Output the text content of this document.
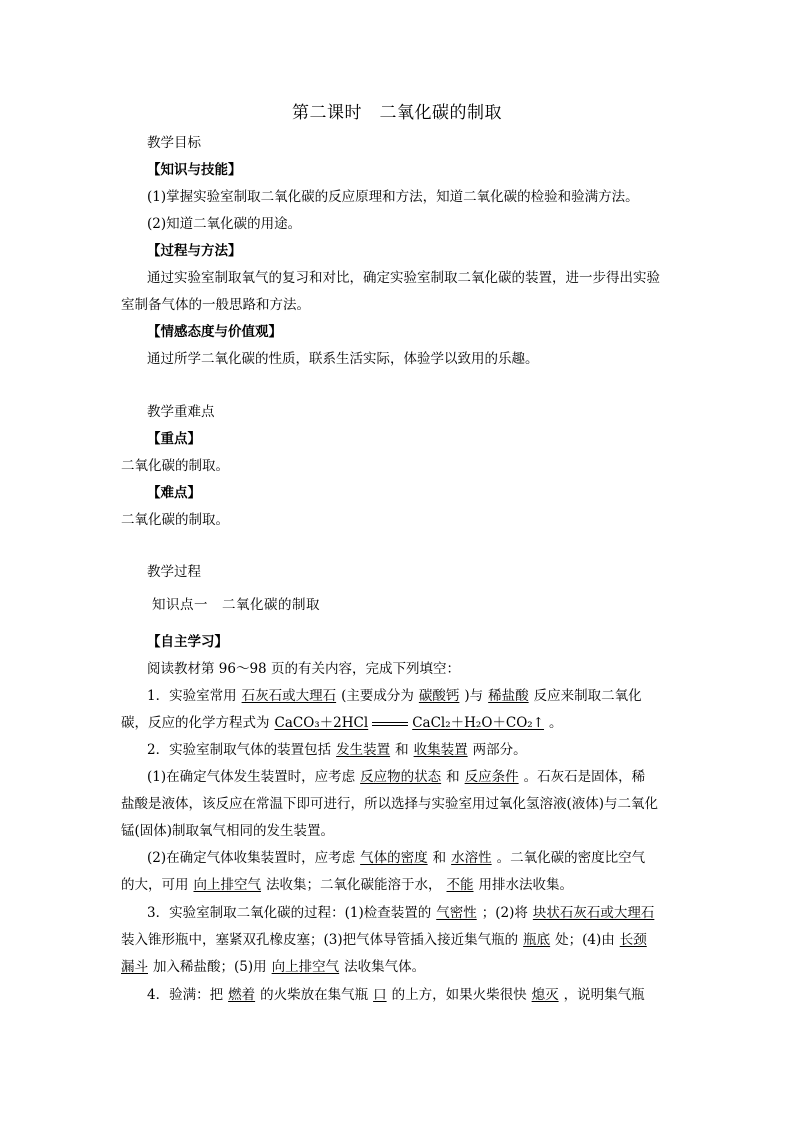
第二课时　二氧化碳的制取
教学目标
【知识与技能】
(1)掌握实验室制取二氧化碳的反应原理和方法，知道二氧化碳的检验和验满方法。
(2)知道二氧化碳的用途。
【过程与方法】
通过实验室制取氧气的复习和对比，确定实验室制取二氧化碳的装置，进一步得出实验
室制备气体的一般思路和方法。
【情感态度与价值观】
通过所学二氧化碳的性质，联系生活实际，体验学以致用的乐趣。
教学重难点
【重点】
二氧化碳的制取。
【难点】
二氧化碳的制取。
教学过程
知识点一　二氧化碳的制取
【自主学习】
阅读教材第 96～98 页的有关内容，完成下列填空：
1．实验室常用 石灰石或大理石 (主要成分为 碳酸钙 )与 稀盐酸 反应来制取二氧化
碳，反应的化学方程式为 CaCO₃＋2HCl	CaCl₂＋H₂O＋CO₂↑ 。
2．实验室制取气体的装置包括 发生装置 和 收集装置 两部分。
(1)在确定气体发生装置时，应考虑 反应物的状态 和 反应条件 。石灰石是固体，稀
盐酸是液体，该反应在常温下即可进行，所以选择与实验室用过氧化氢溶液(液体)与二氧化
锰(固体)制取氧气相同的发生装置。
(2)在确定气体收集装置时，应考虑 气体的密度 和 水溶性 。二氧化碳的密度比空气
的大，可用 向上排空气 法收集；二氧化碳能溶于水， 不能 用排水法收集。
3．实验室制取二氧化碳的过程：(1)检查装置的 气密性 ；(2)将 块状石灰石或大理石
装入锥形瓶中，塞紧双孔橡皮塞；(3)把气体导管插入接近集气瓶的 瓶底 处；(4)由 长颈
漏斗 加入稀盐酸；(5)用 向上排空气 法收集气体。
4．验满：把 燃着 的火柴放在集气瓶 口 的上方，如果火柴很快 熄灭 ，说明集气瓶
